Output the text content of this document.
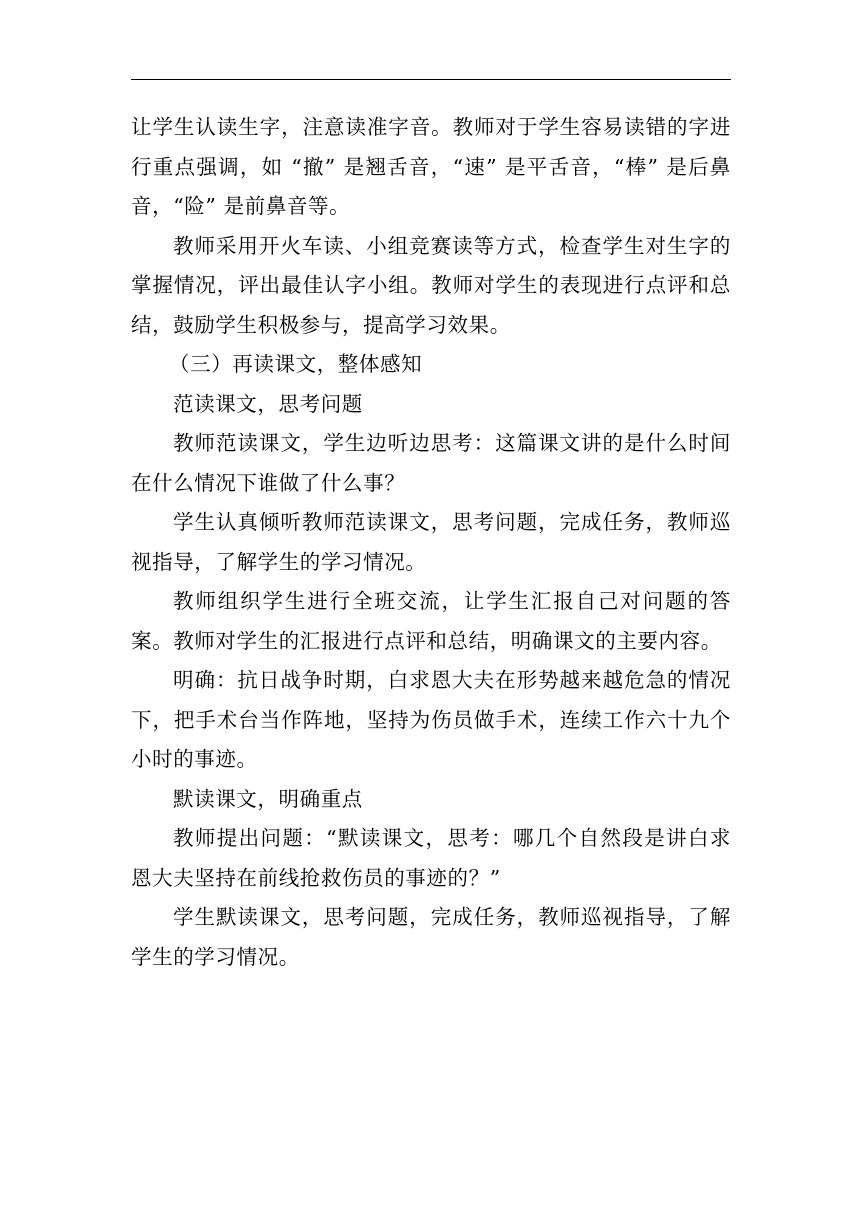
让学生认读生字，注意读准字音。教师对于学生容易读错的字进行重点强调，如 “撤” 是翘舌音，“速” 是平舌音，“棒” 是后鼻音，“险” 是前鼻音等。

教师采用开火车读、小组竞赛读等方式，检查学生对生字的掌握情况，评出最佳认字小组。教师对学生的表现进行点评和总结，鼓励学生积极参与，提高学习效果。

（三）再读课文，整体感知

范读课文，思考问题

教师范读课文，学生边听边思考：这篇课文讲的是什么时间在什么情况下谁做了什么事？

学生认真倾听教师范读课文，思考问题，完成任务，教师巡视指导，了解学生的学习情况。

教师组织学生进行全班交流，让学生汇报自己对问题的答案。教师对学生的汇报进行点评和总结，明确课文的主要内容。

明确：抗日战争时期，白求恩大夫在形势越来越危急的情况下，把手术台当作阵地，坚持为伤员做手术，连续工作六十九个小时的事迹。

默读课文，明确重点

教师提出问题：“默读课文，思考：哪几个自然段是讲白求恩大夫坚持在前线抢救伤员的事迹的？”

学生默读课文，思考问题，完成任务，教师巡视指导，了解学生的学习情况。
